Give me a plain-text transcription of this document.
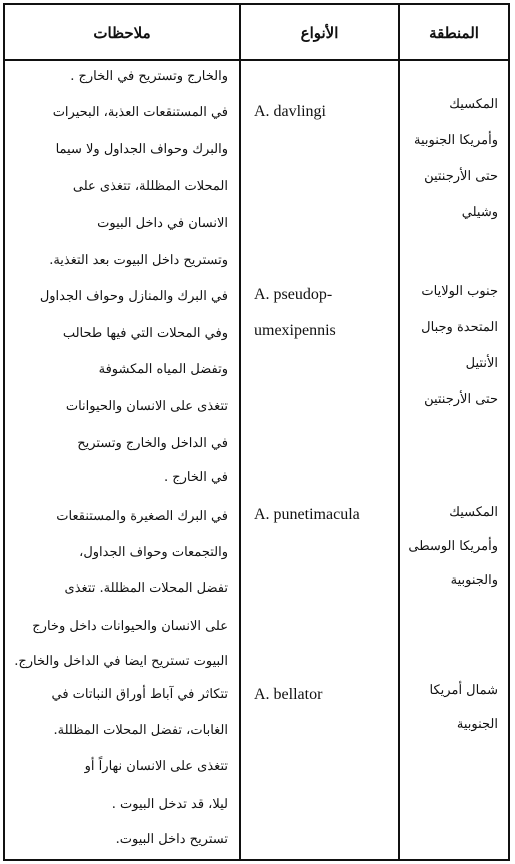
ملاحظات	الأنواع	المنطقة
المكسيك
وأمريكا الجنوبية
حتى الأرجنتين
وشيلي
A. davlingi
والخارج وتستريح في الخارج .
في المستنقعات العذبة، البحيرات
والبرك وحواف الجداول ولا سيما
المحلات المظللة، تتغذى على
الانسان في داخل البيوت
وتستريح داخل البيوت بعد التغذية.
جنوب الولايات
المتحدة وجبال
الأنتيل
حتى الأرجنتين
A. pseudop-
umexipennis
في البرك والمنازل وحواف الجداول
وفي المحلات التي فيها طحالب
وتفضل المياه المكشوفة
تتغذى على الانسان والحيوانات
في الداخل والخارج وتستريح
في الخارج .
المكسيك
وأمريكا الوسطى
والجنوبية
A. punetimacula
في البرك الصغيرة والمستنقعات
والتجمعات وحواف الجداول،
تفضل المحلات المظللة. تتغذى
على الانسان والحيوانات داخل وخارج
البيوت تستريح ايضا في الداخل والخارج.
شمال أمريكا
الجنوبية
A. bellator
تتكاثر في آباط أوراق النباتات في
الغابات، تفضل المحلات المظللة.
تتغذى على الانسان نهاراً أو
ليلا، قد تدخل البيوت .
تستريح داخل البيوت.
